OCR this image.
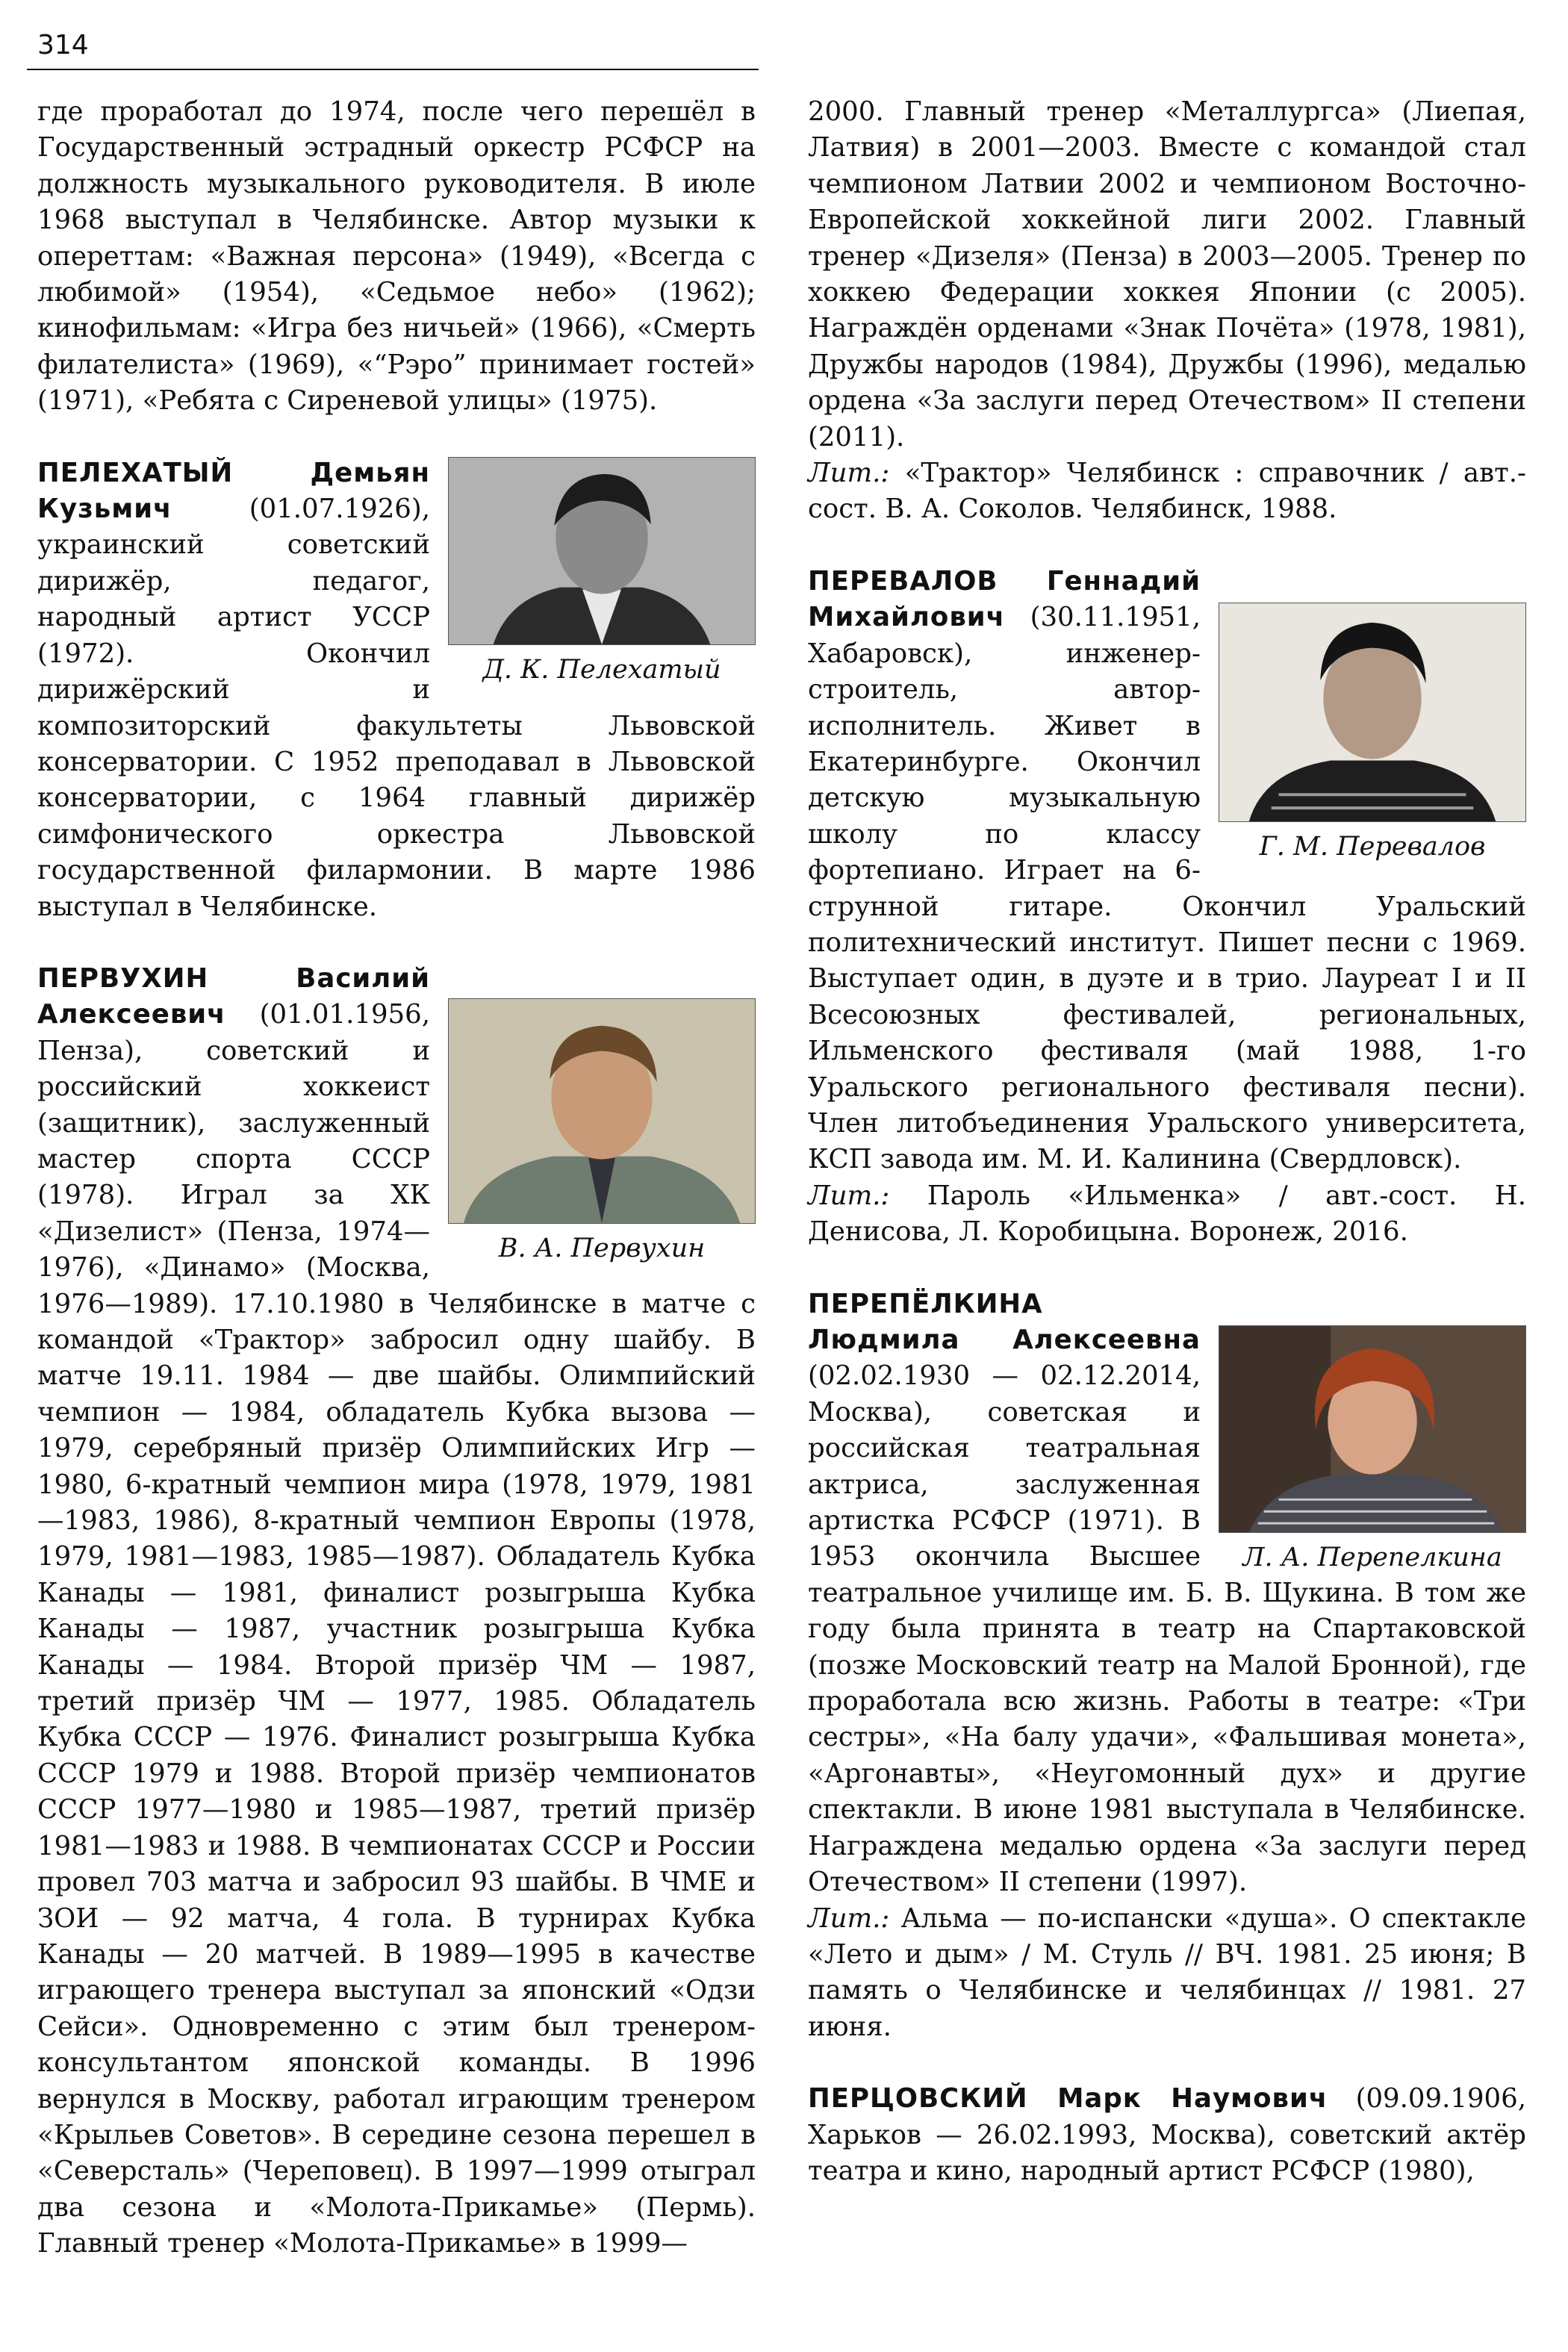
314

где проработал до 1974, после чего перешёл в Государственный эстрадный оркестр РСФСР на должность музыкального руководителя. В июле 1968 выступал в Челябинске. Автор музыки к опереттам: «Важная персона» (1949), «Всегда с любимой» (1954), «Седьмое небо» (1962); кинофильмам: «Игра без ничьей» (1966), «Смерть филателиста» (1969), «“Рэро” принимает гостей» (1971), «Ребята с Сиреневой улицы» (1975).

Д. К. Пелехатый

ПЕЛЕХАТЫЙ Демьян Кузьмич (01.07.1926), украинский советский дирижёр, педагог, народный артист УССР (1972). Окончил дирижёрский и композиторский факультеты Львовской консерватории. С 1952 преподавал в Львовской консерватории, с 1964 главный дирижёр симфонического оркестра Львовской государственной филармонии. В марте 1986 выступал в Челябинске.

В. А. Первухин

ПЕРВУХИН Василий Алексеевич (01.01.1956, Пенза), советский и российский хоккеист (защитник), заслуженный мастер спорта СССР (1978). Играл за ХК «Дизелист» (Пенза, 1974—1976), «Динамо» (Москва, 1976—1989). 17.10.1980 в Челябинске в матче с командой «Трактор» забросил одну шайбу. В матче 19.11. 1984 — две шайбы. Олимпийский чемпион — 1984, обладатель Кубка вызова — 1979, серебряный призёр Олимпийских Игр — 1980, 6-кратный чемпион мира (1978, 1979, 1981—1983, 1986), 8-кратный чемпион Европы (1978, 1979, 1981—1983, 1985—1987). Обладатель Кубка Канады — 1981, финалист розыгрыша Кубка Канады — 1987, участник розыгрыша Кубка Канады — 1984. Второй призёр ЧМ — 1987, третий призёр ЧМ — 1977, 1985. Обладатель Кубка СССР — 1976. Финалист розыгрыша Кубка СССР 1979 и 1988. Второй призёр чемпионатов СССР 1977—1980 и 1985—1987, третий призёр 1981—1983 и 1988. В чемпионатах СССР и России провел 703 матча и забросил 93 шайбы. В ЧМЕ и ЗОИ — 92 матча, 4 гола. В турнирах Кубка Канады — 20 матчей. В 1989—1995 в качестве играющего тренера выступал за японский «Одзи Сейси». Одновременно с этим был тренером-консультантом японской команды. В 1996 вернулся в Москву, работал играющим тренером «Крыльев Советов». В середине сезона перешел в «Северсталь» (Череповец). В 1997—1999 отыграл два сезона и «Молота-Прикамье» (Пермь). Главный тренер «Молота-Прикамье» в 1999—

2000. Главный тренер «Металлургса» (Лиепая, Латвия) в 2001—2003. Вместе с командой стал чемпионом Латвии 2002 и чемпионом Восточно-Европейской хоккейной лиги 2002. Главный тренер «Дизеля» (Пенза) в 2003—2005. Тренер по хоккею Федерации хоккея Японии (с 2005). Награждён орденами «Знак Почёта» (1978, 1981), Дружбы народов (1984), Дружбы (1996), медалью ордена «За заслуги перед Отечеством» II степени (2011).

Лит.: «Трактор» Челябинск : справочник / авт.-сост. В. А. Соколов. Челябинск, 1988.

Г. М. Перевалов

ПЕРЕВАЛОВ Геннадий Михайлович (30.11.1951, Хабаровск), инженер-строитель, автор-исполнитель. Живет в Екатеринбурге. Окончил детскую музыкальную школу по классу фортепиано. Играет на 6-струнной гитаре. Окончил Уральский политехнический институт. Пишет песни с 1969. Выступает один, в дуэте и в трио. Лауреат I и II Всесоюзных фестивалей, региональных, Ильменского фестиваля (май 1988, 1-го Уральского регионального фестиваля песни). Член литобъединения Уральского университета, КСП завода им. М. И. Калинина (Свердловск).

Лит.: Пароль «Ильменка» / авт.-сост. Н. Денисова, Л. Коробицына. Воронеж, 2016.

Л. А. Перепелкина

ПЕРЕПЁЛКИНА Людмила Алексеевна (02.02.1930 — 02.12.2014, Москва), советская и российская театральная актриса, заслуженная артистка РСФСР (1971). В 1953 окончила Высшее театральное училище им. Б. В. Щукина. В том же году была принята в театр на Спартаковской (позже Московский театр на Малой Бронной), где проработала всю жизнь. Работы в театре: «Три сестры», «На балу удачи», «Фальшивая монета», «Аргонавты», «Неугомонный дух» и другие спектакли. В июне 1981 выступала в Челябинске. Награждена медалью ордена «За заслуги перед Отечеством» II степени (1997).

Лит.: Альма — по-испански «душа». О спектакле «Лето и дым» / М. Стуль // ВЧ. 1981. 25 июня; В память о Челябинске и челябинцах // 1981. 27 июня.

ПЕРЦОВСКИЙ Марк Наумович (09.09.1906, Харьков — 26.02.1993, Москва), советский актёр театра и кино, народный артист РСФСР (1980),
